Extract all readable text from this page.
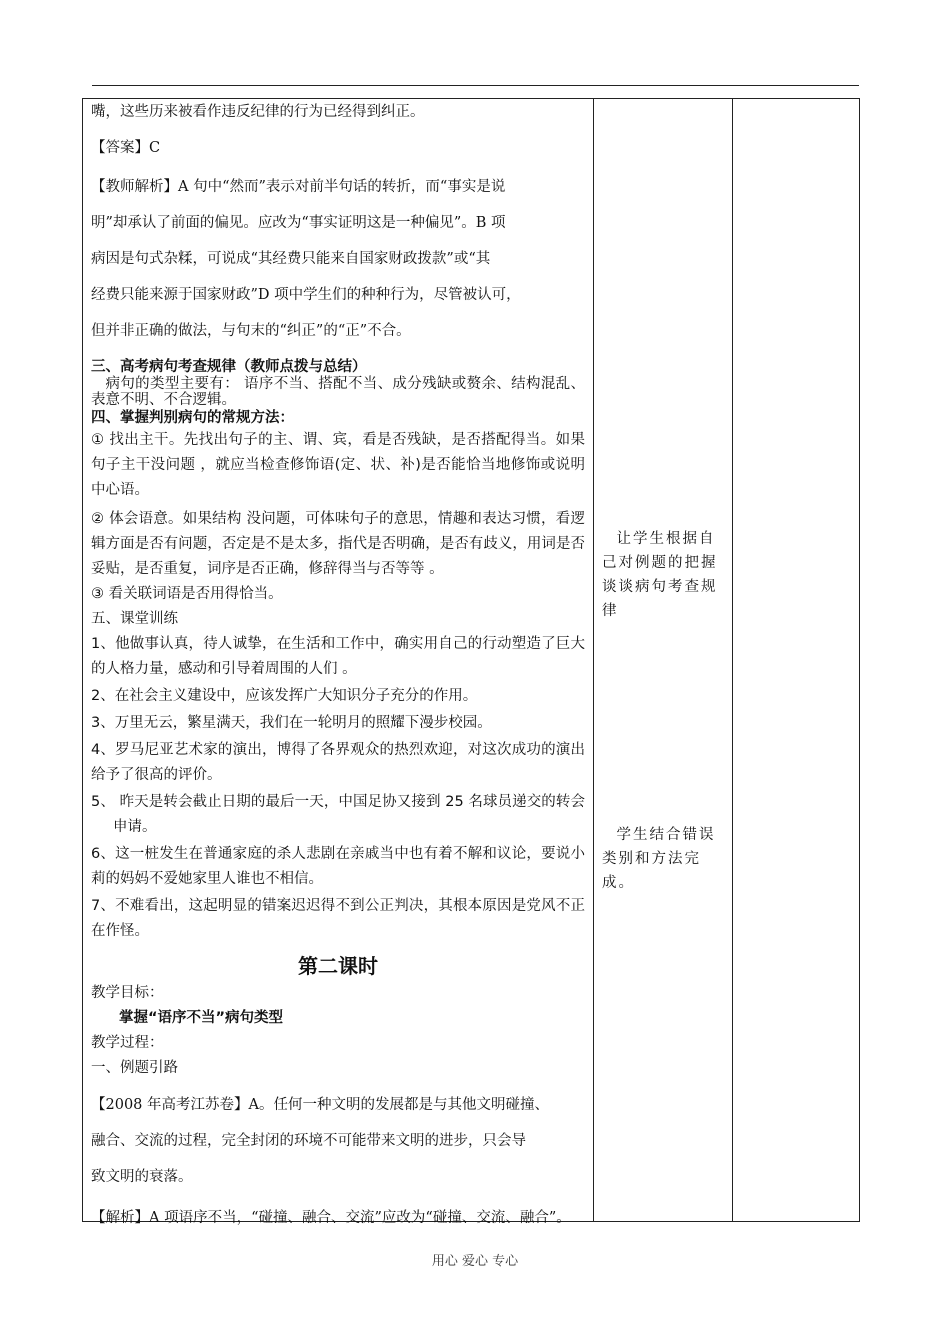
嘴，这些历来被看作违反纪律的行为已经得到纠正。

【答案】C

【教师解析】A 句中“然而”表示对前半句话的转折，而“事实是说

明”却承认了前面的偏见。应改为“事实证明这是一种偏见”。B 项

病因是句式杂糅，可说成“其经费只能来自国家财政拨款”或“其

经费只能来源于国家财政”D 项中学生们的种种行为，尽管被认可，

但并非正确的做法，与句末的“纠正”的“正”不合。

三、高考病句考查规律（教师点拨与总结）

病句的类型主要有： 语序不当、搭配不当、成分残缺或赘余、结构混乱、表意不明、不合逻辑。

四、掌握判别病句的常规方法：

① 找出主干。先找出句子的主、谓、宾，看是否残缺，是否搭配得当。如果句子主干没问题 ，就应当检查修饰语(定、状、补)是否能恰当地修饰或说明中心语。

② 体会语意。如果结构 没问题，可体味句子的意思，情趣和表达习惯，看逻辑方面是否有问题，否定是不是太多，指代是否明确，是否有歧义，用词是否妥贴，是否重复，词序是否正确，修辞得当与否等等 。

③ 看关联词语是否用得恰当。

五、课堂训练

1、他做事认真，待人诚挚，在生活和工作中，确实用自己的行动塑造了巨大的人格力量，感动和引导着周围的人们 。

2、在社会主义建设中，应该发挥广大知识分子充分的作用。

3、万里无云，繁星满天，我们在一轮明月的照耀下漫步校园。

4、罗马尼亚艺术家的演出，博得了各界观众的热烈欢迎，对这次成功的演出给予了很高的评价。

5、 昨天是转会截止日期的最后一天，中国足协又接到 25 名球员递交的转会申请。

6、这一桩发生在普通家庭的杀人悲剧在亲戚当中也有着不解和议论，要说小莉的妈妈不爱她家里人谁也不相信。

7、不难看出，这起明显的错案迟迟得不到公正判决，其根本原因是党风不正在作怪。

第二课时

教学目标：

掌握“语序不当”病句类型

教学过程：

一、例题引路

【2008 年高考江苏卷】A。任何一种文明的发展都是与其他文明碰撞、

融合、交流的过程，完全封闭的环境不可能带来文明的进步，只会导

致文明的衰落。

【解析】A 项语序不当，“碰撞、融合、交流”应改为“碰撞、交流、融合”。

让学生根据自己对例题的把握谈谈病句考查规律
学生结合错误类别和方法完成。

用心 爱心 专心
